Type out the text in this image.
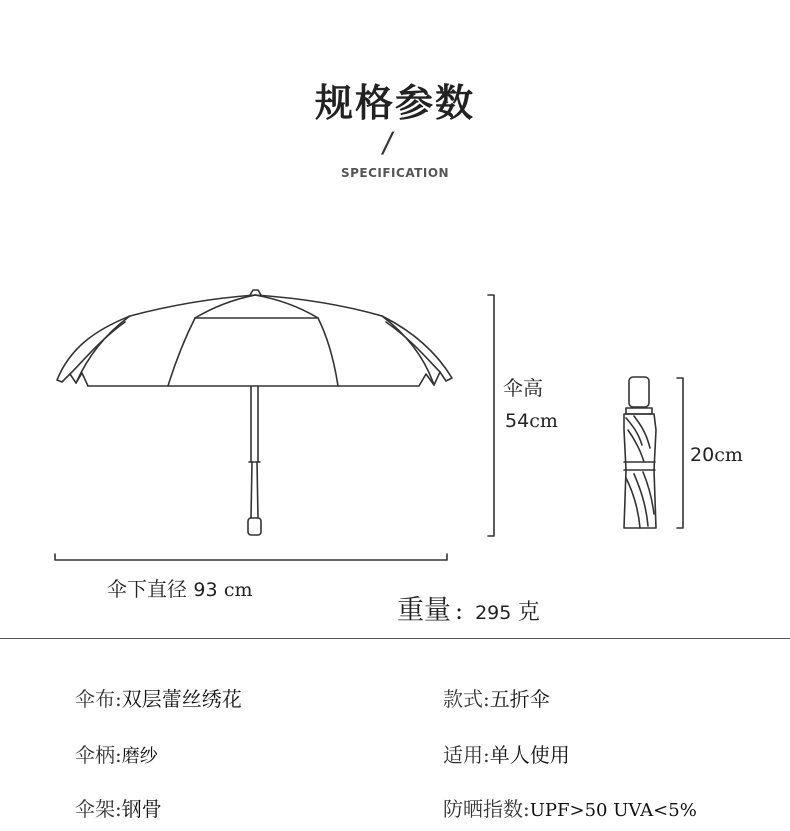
规格参数
/
SPECIFICATION
伞高
54cm
20cm
伞下直径 93 cm
重量 : 295 克
伞布:双层蕾丝绣花	款式:五折伞
伞柄:磨纱	适用:单人使用
伞架:钢骨	防晒指数:UPF>50 UVA<5%
